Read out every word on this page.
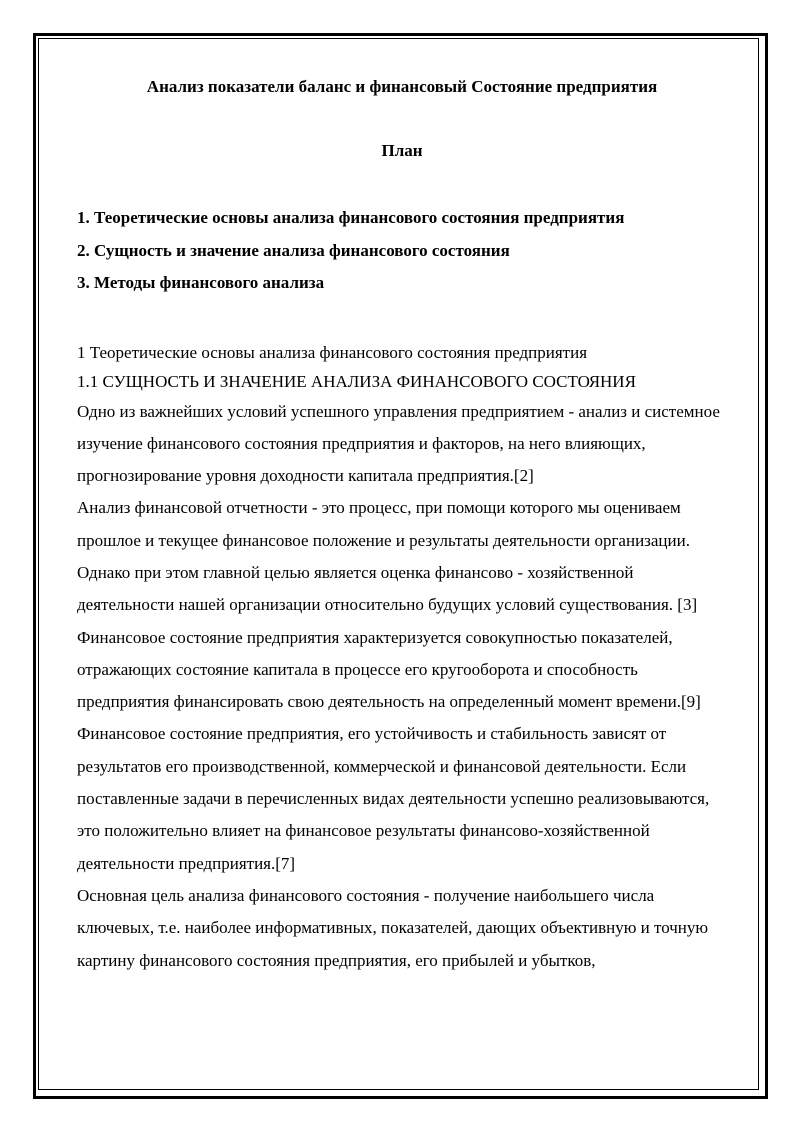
Анализ показатели баланс и финансовый Состояние предприятия

План

1. Теоретические основы анализа финансового состояния предприятия
2. Сущность и значение анализа финансового состояния
3. Методы финансового анализа

1 Теоретические основы анализа финансового состояния предприятия

1.1 СУЩНОСТЬ И ЗНАЧЕНИЕ АНАЛИЗА ФИНАНСОВОГО СОСТОЯНИЯ

Одно из важнейших условий успешного управления предприятием - анализ и системное изучение финансового состояния предприятия и факторов, на него влияющих, прогнозирование уровня доходности капитала предприятия.[2]

Анализ финансовой отчетности - это процесс, при помощи которого мы оцениваем прошлое и текущее финансовое положение и результаты деятельности организации. Однако при этом главной целью является оценка финансово - хозяйственной деятельности нашей организации относительно будущих условий существования. [3]

Финансовое состояние предприятия характеризуется совокупностью показателей, отражающих состояние капитала в процессе его кругооборота и способность предприятия финансировать свою деятельность на определенный момент времени.[9]

Финансовое состояние предприятия, его устойчивость и стабильность зависят от результатов его производственной, коммерческой и финансовой деятельности. Если поставленные задачи в перечисленных видах деятельности успешно реализовываются, это положительно влияет на финансовое результаты финансово-хозяйственной деятельности предприятия.[7]

Основная цель анализа финансового состояния - получение наибольшего числа ключевых, т.е. наиболее информативных, показателей, дающих объективную и точную картину финансового состояния предприятия, его прибылей и убытков,
